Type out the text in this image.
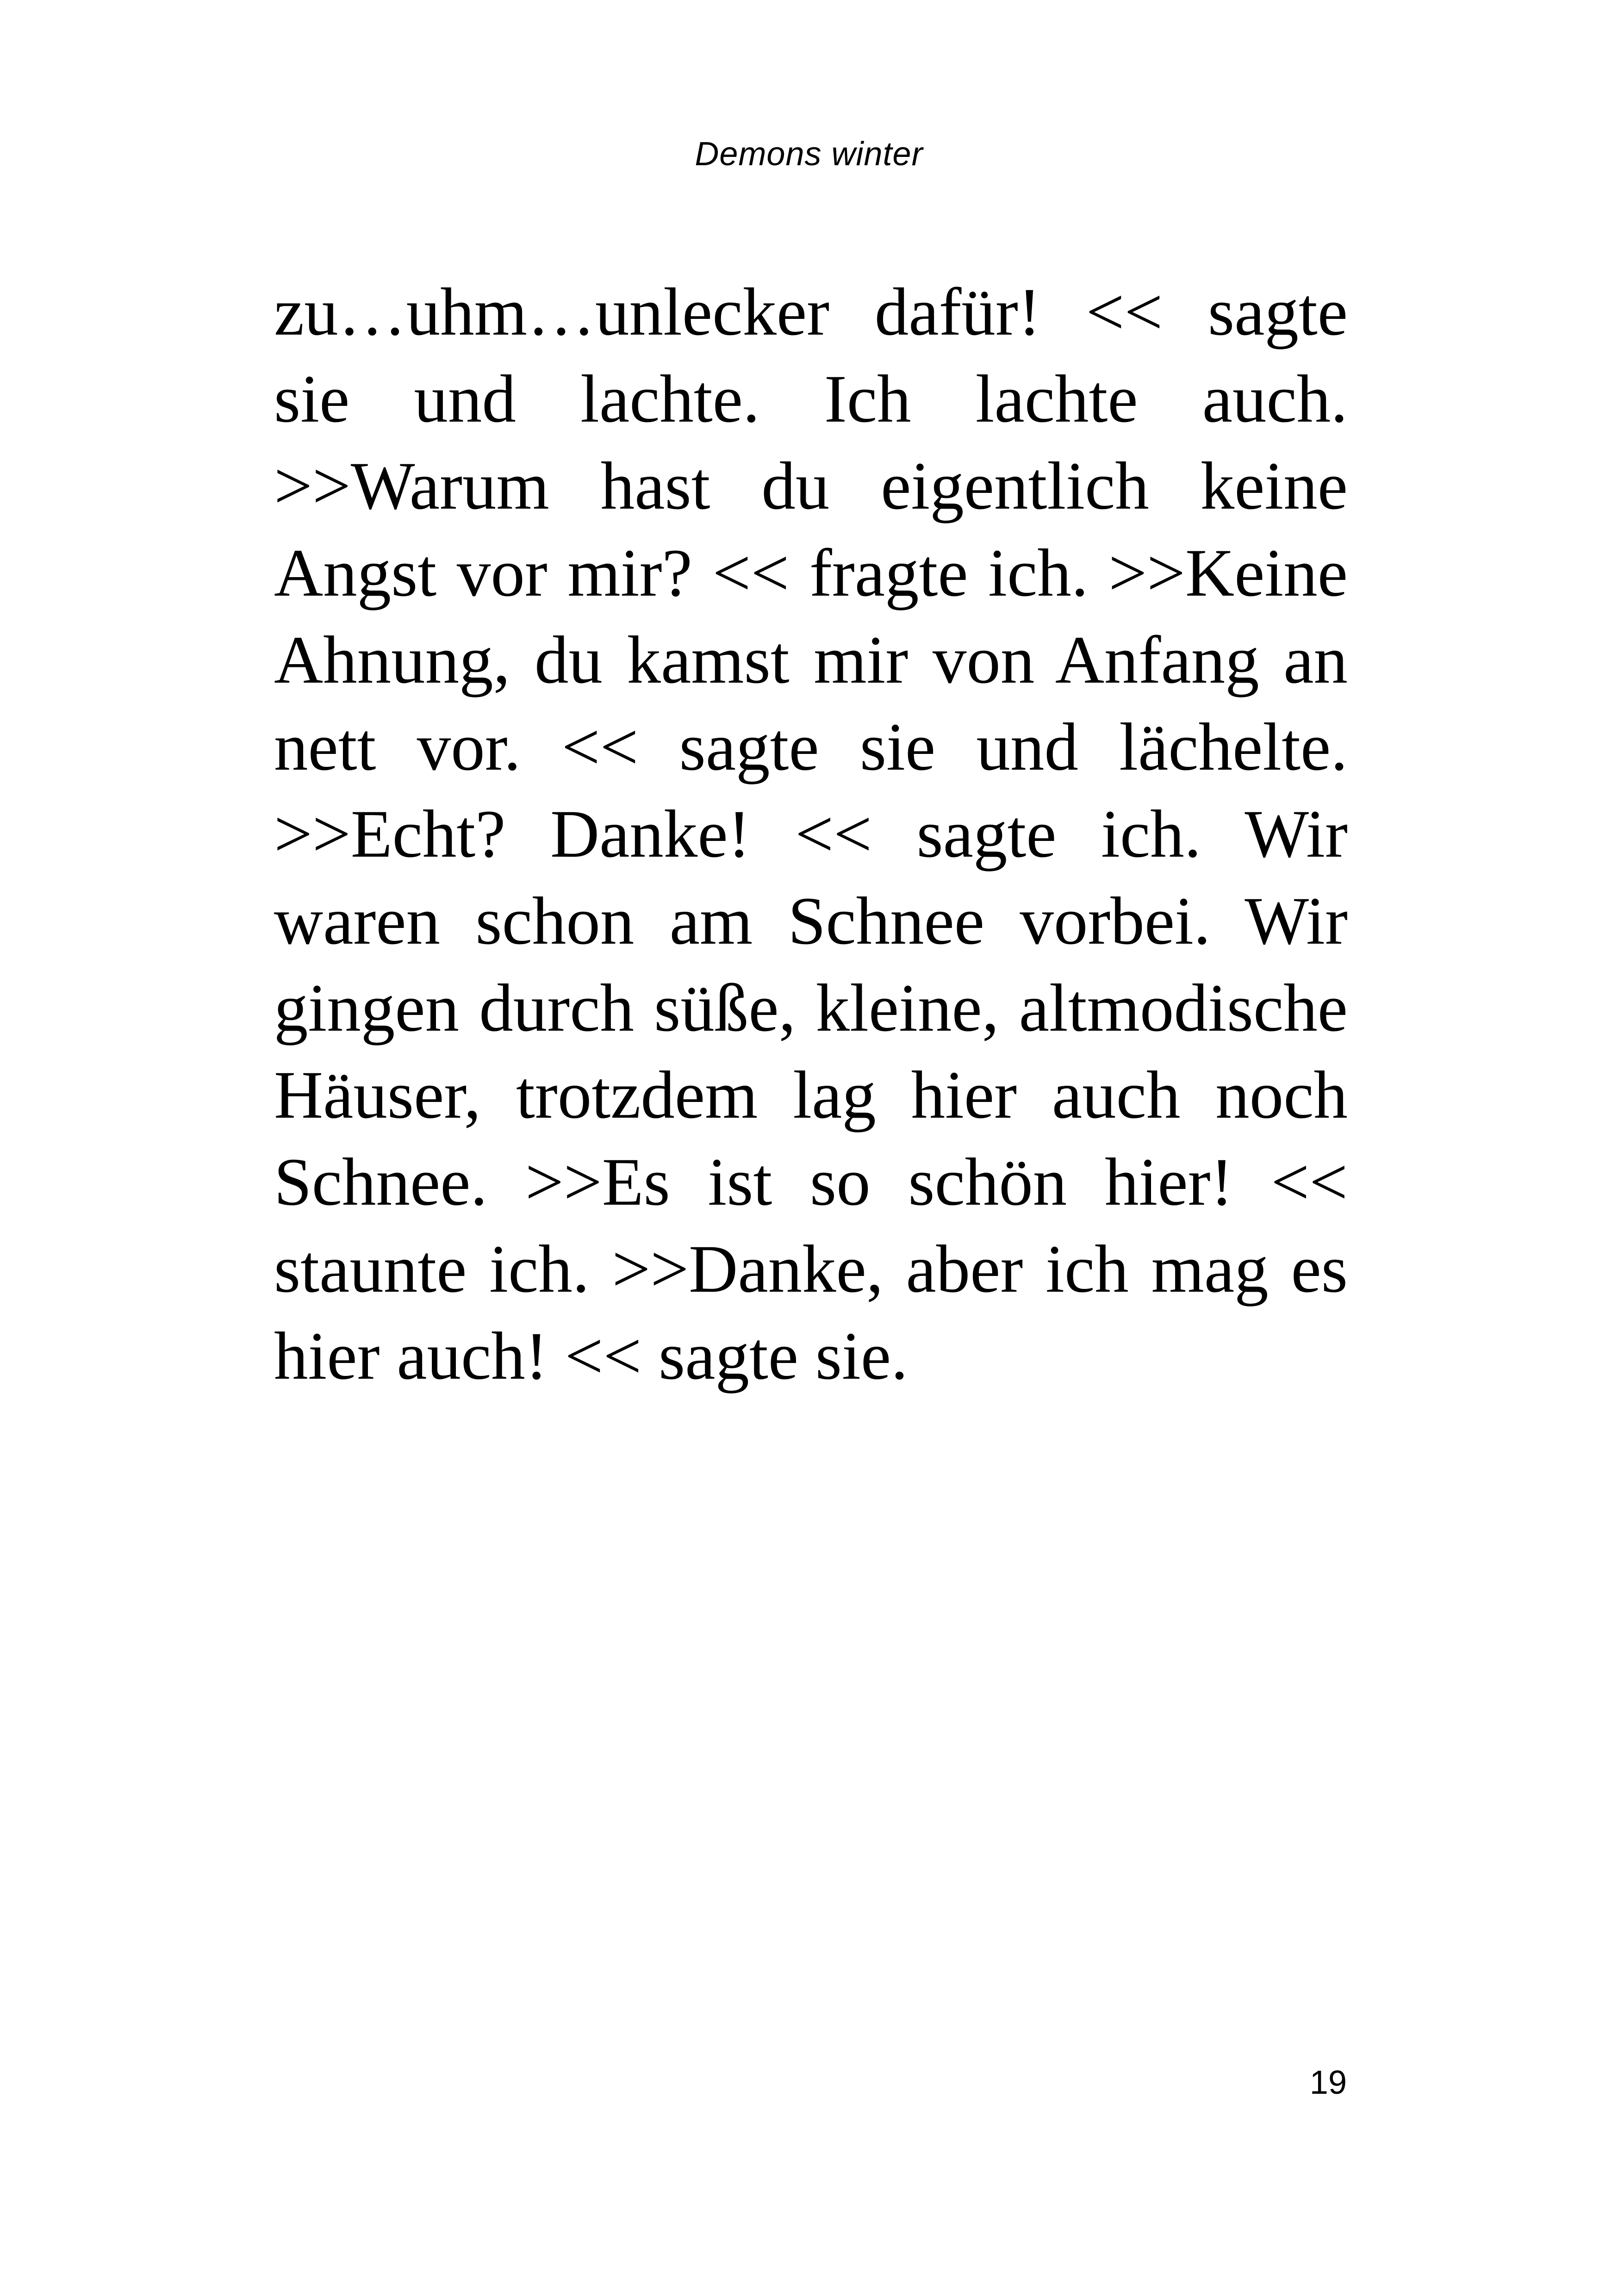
Demons winter
zu…uhm…unlecker dafür! << sagte
sie und lachte. Ich lachte auch.
>>Warum hast du eigentlich keine
Angst vor mir? << fragte ich. >>Keine
Ahnung, du kamst mir von Anfang an
nett vor. << sagte sie und lächelte.
>>Echt? Danke! << sagte ich. Wir
waren schon am Schnee vorbei. Wir
gingen durch süße, kleine, altmodische
Häuser, trotzdem lag hier auch noch
Schnee. >>Es ist so schön hier! <<
staunte ich. >>Danke, aber ich mag es
hier auch! << sagte sie.
19
